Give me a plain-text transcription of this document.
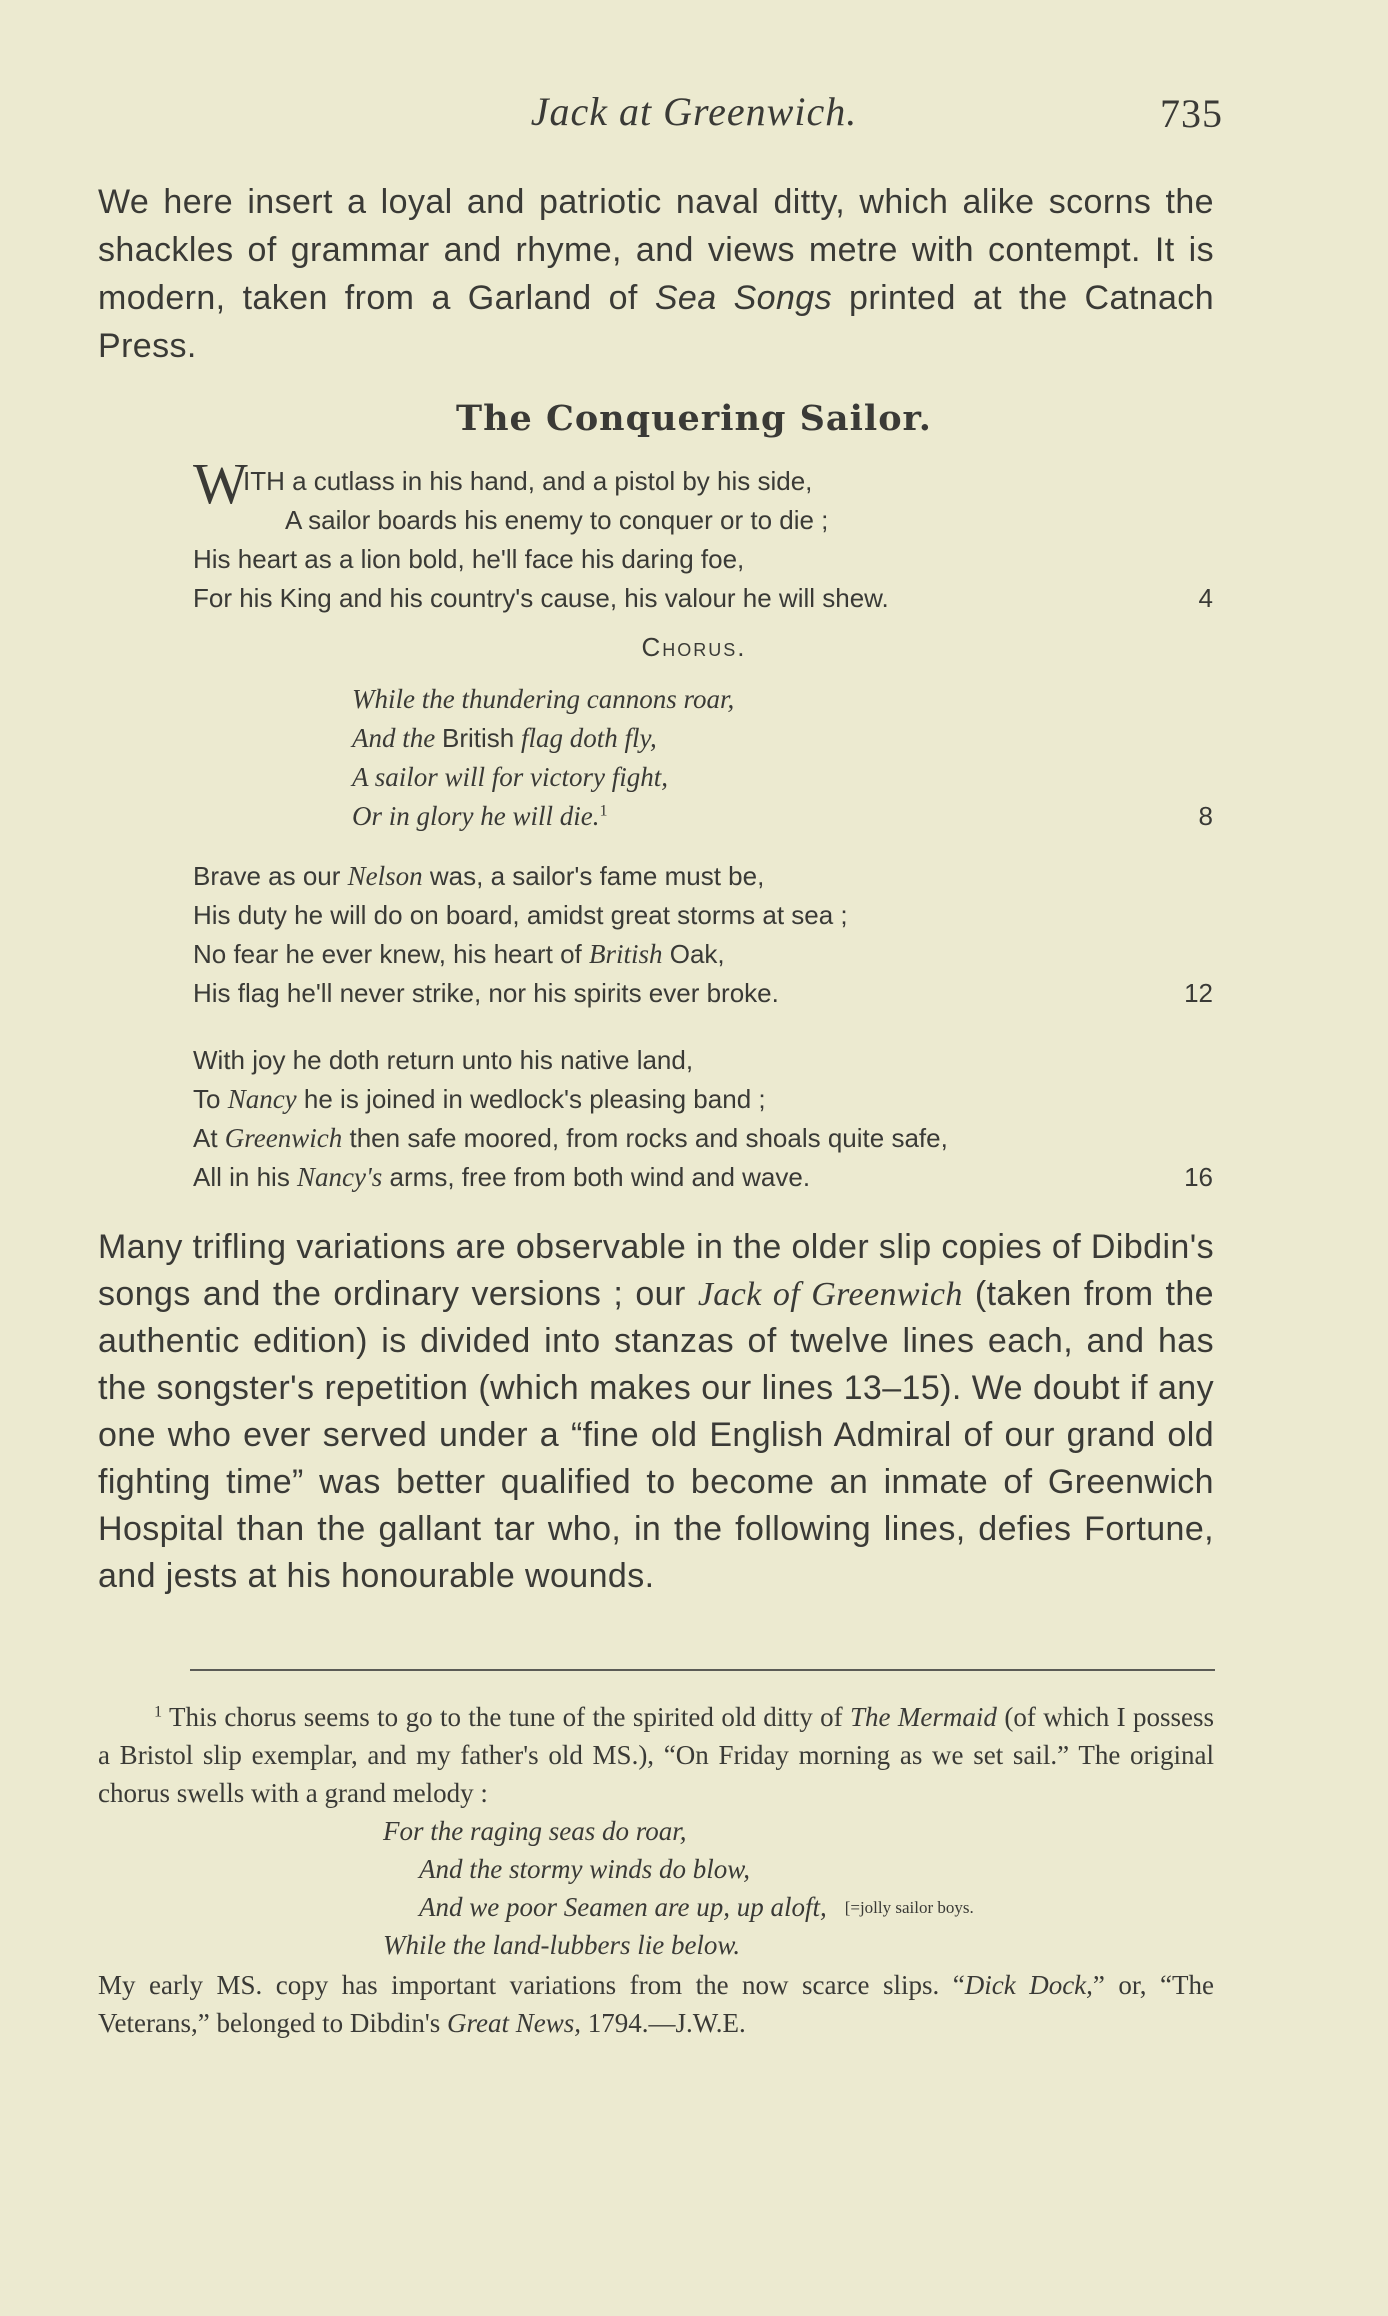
Jack at Greenwich.	735

We here insert a loyal and patriotic naval ditty, which alike scorns the shackles of grammar and rhyme, and views metre with contempt. It is modern, taken from a Garland of Sea Songs printed at the Catnach Press.

The Conquering Sailor.
W
ITH a cutlass in his hand, and a pistol by his side,
A sailor boards his enemy to conquer or to die ;
His heart as a lion bold, he'll face his daring foe,
For his King and his country's cause, his valour he will shew.	4
Chorus.
While the thundering cannons roar,
And the British flag doth fly,
A sailor will for victory fight,
Or in glory he will die.$^1$	8
Brave as our Nelson was, a sailor's fame must be,
His duty he will do on board, amidst great storms at sea ;
No fear he ever knew, his heart of British Oak,
His flag he'll never strike, nor his spirits ever broke.	12
With joy he doth return unto his native land,
To Nancy he is joined in wedlock's pleasing band ;
At Greenwich then safe moored, from rocks and shoals quite safe,
All in his Nancy's arms, free from both wind and wave.	16

Many trifling variations are observable in the older slip copies of Dibdin's songs and the ordinary versions ; our Jack of Greenwich (taken from the authentic edition) is divided into stanzas of twelve lines each, and has the songster's repetition (which makes our lines 13–15). We doubt if any one who ever served under a “fine old English Admiral of our grand old fighting time” was better qualified to become an inmate of Greenwich Hospital than the gallant tar who, in the following lines, defies Fortune, and jests at his honourable wounds.

$^1$ This chorus seems to go to the tune of the spirited old ditty of The Mermaid (of which I possess a Bristol slip exemplar, and my father's old MS.), “On Friday morning as we set sail.” The original chorus swells with a grand melody :

For the raging seas do roar,
And the stormy winds do blow,
And we poor Seamen are up, up aloft, [=jolly sailor boys.
While the land-lubbers lie below.

My early MS. copy has important variations from the now scarce slips. “Dick Dock,” or, “The Veterans,” belonged to Dibdin's Great News, 1794.—J.W.E.
